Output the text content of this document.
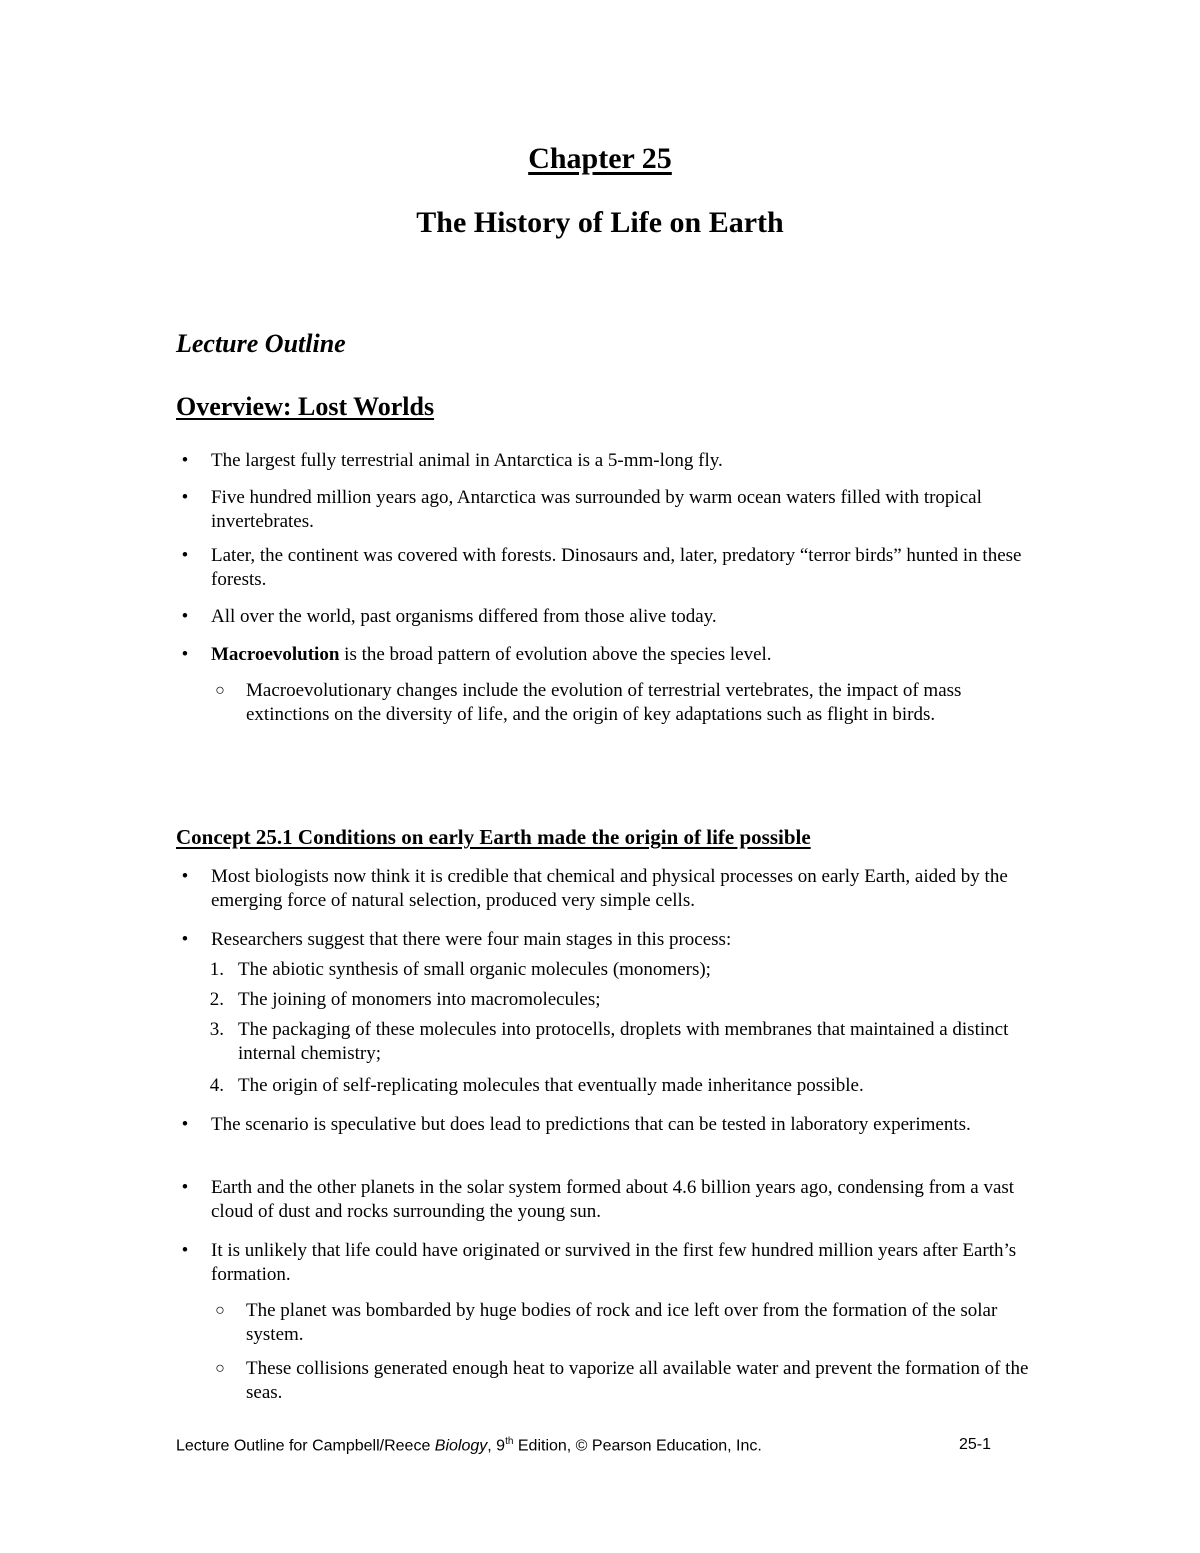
Chapter 25
The History of Life on Earth
Lecture Outline
Overview: Lost Worlds
•	The largest fully terrestrial animal in Antarctica is a 5-mm-long fly.
•	Five hundred million years ago, Antarctica was surrounded by warm ocean waters filled with tropical invertebrates.
•	Later, the continent was covered with forests. Dinosaurs and, later, predatory “terror birds” hunted in these forests.
•	All over the world, past organisms differed from those alive today.
•	Macroevolution is the broad pattern of evolution above the species level.
○ Macroevolutionary changes include the evolution of terrestrial vertebrates, the impact of mass extinctions on the diversity of life, and the origin of key adaptations such as flight in birds.
Concept 25.1 Conditions on early Earth made the origin of life possible
•	Most biologists now think it is credible that chemical and physical processes on early Earth, aided by the emerging force of natural selection, produced very simple cells.
•	Researchers suggest that there were four main stages in this process:
1. The abiotic synthesis of small organic molecules (monomers);
2. The joining of monomers into macromolecules;
3. The packaging of these molecules into protocells, droplets with membranes that maintained a distinct internal chemistry;
4. The origin of self-replicating molecules that eventually made inheritance possible.
•	The scenario is speculative but does lead to predictions that can be tested in laboratory experiments.
•	Earth and the other planets in the solar system formed about 4.6 billion years ago, condensing from a vast cloud of dust and rocks surrounding the young sun.
•	It is unlikely that life could have originated or survived in the first few hundred million years after Earth’s formation.
○ The planet was bombarded by huge bodies of rock and ice left over from the formation of the solar system.
○ These collisions generated enough heat to vaporize all available water and prevent the formation of the seas.
Lecture Outline for Campbell/Reece Biology, 9th Edition, © Pearson Education, Inc.	25-1
